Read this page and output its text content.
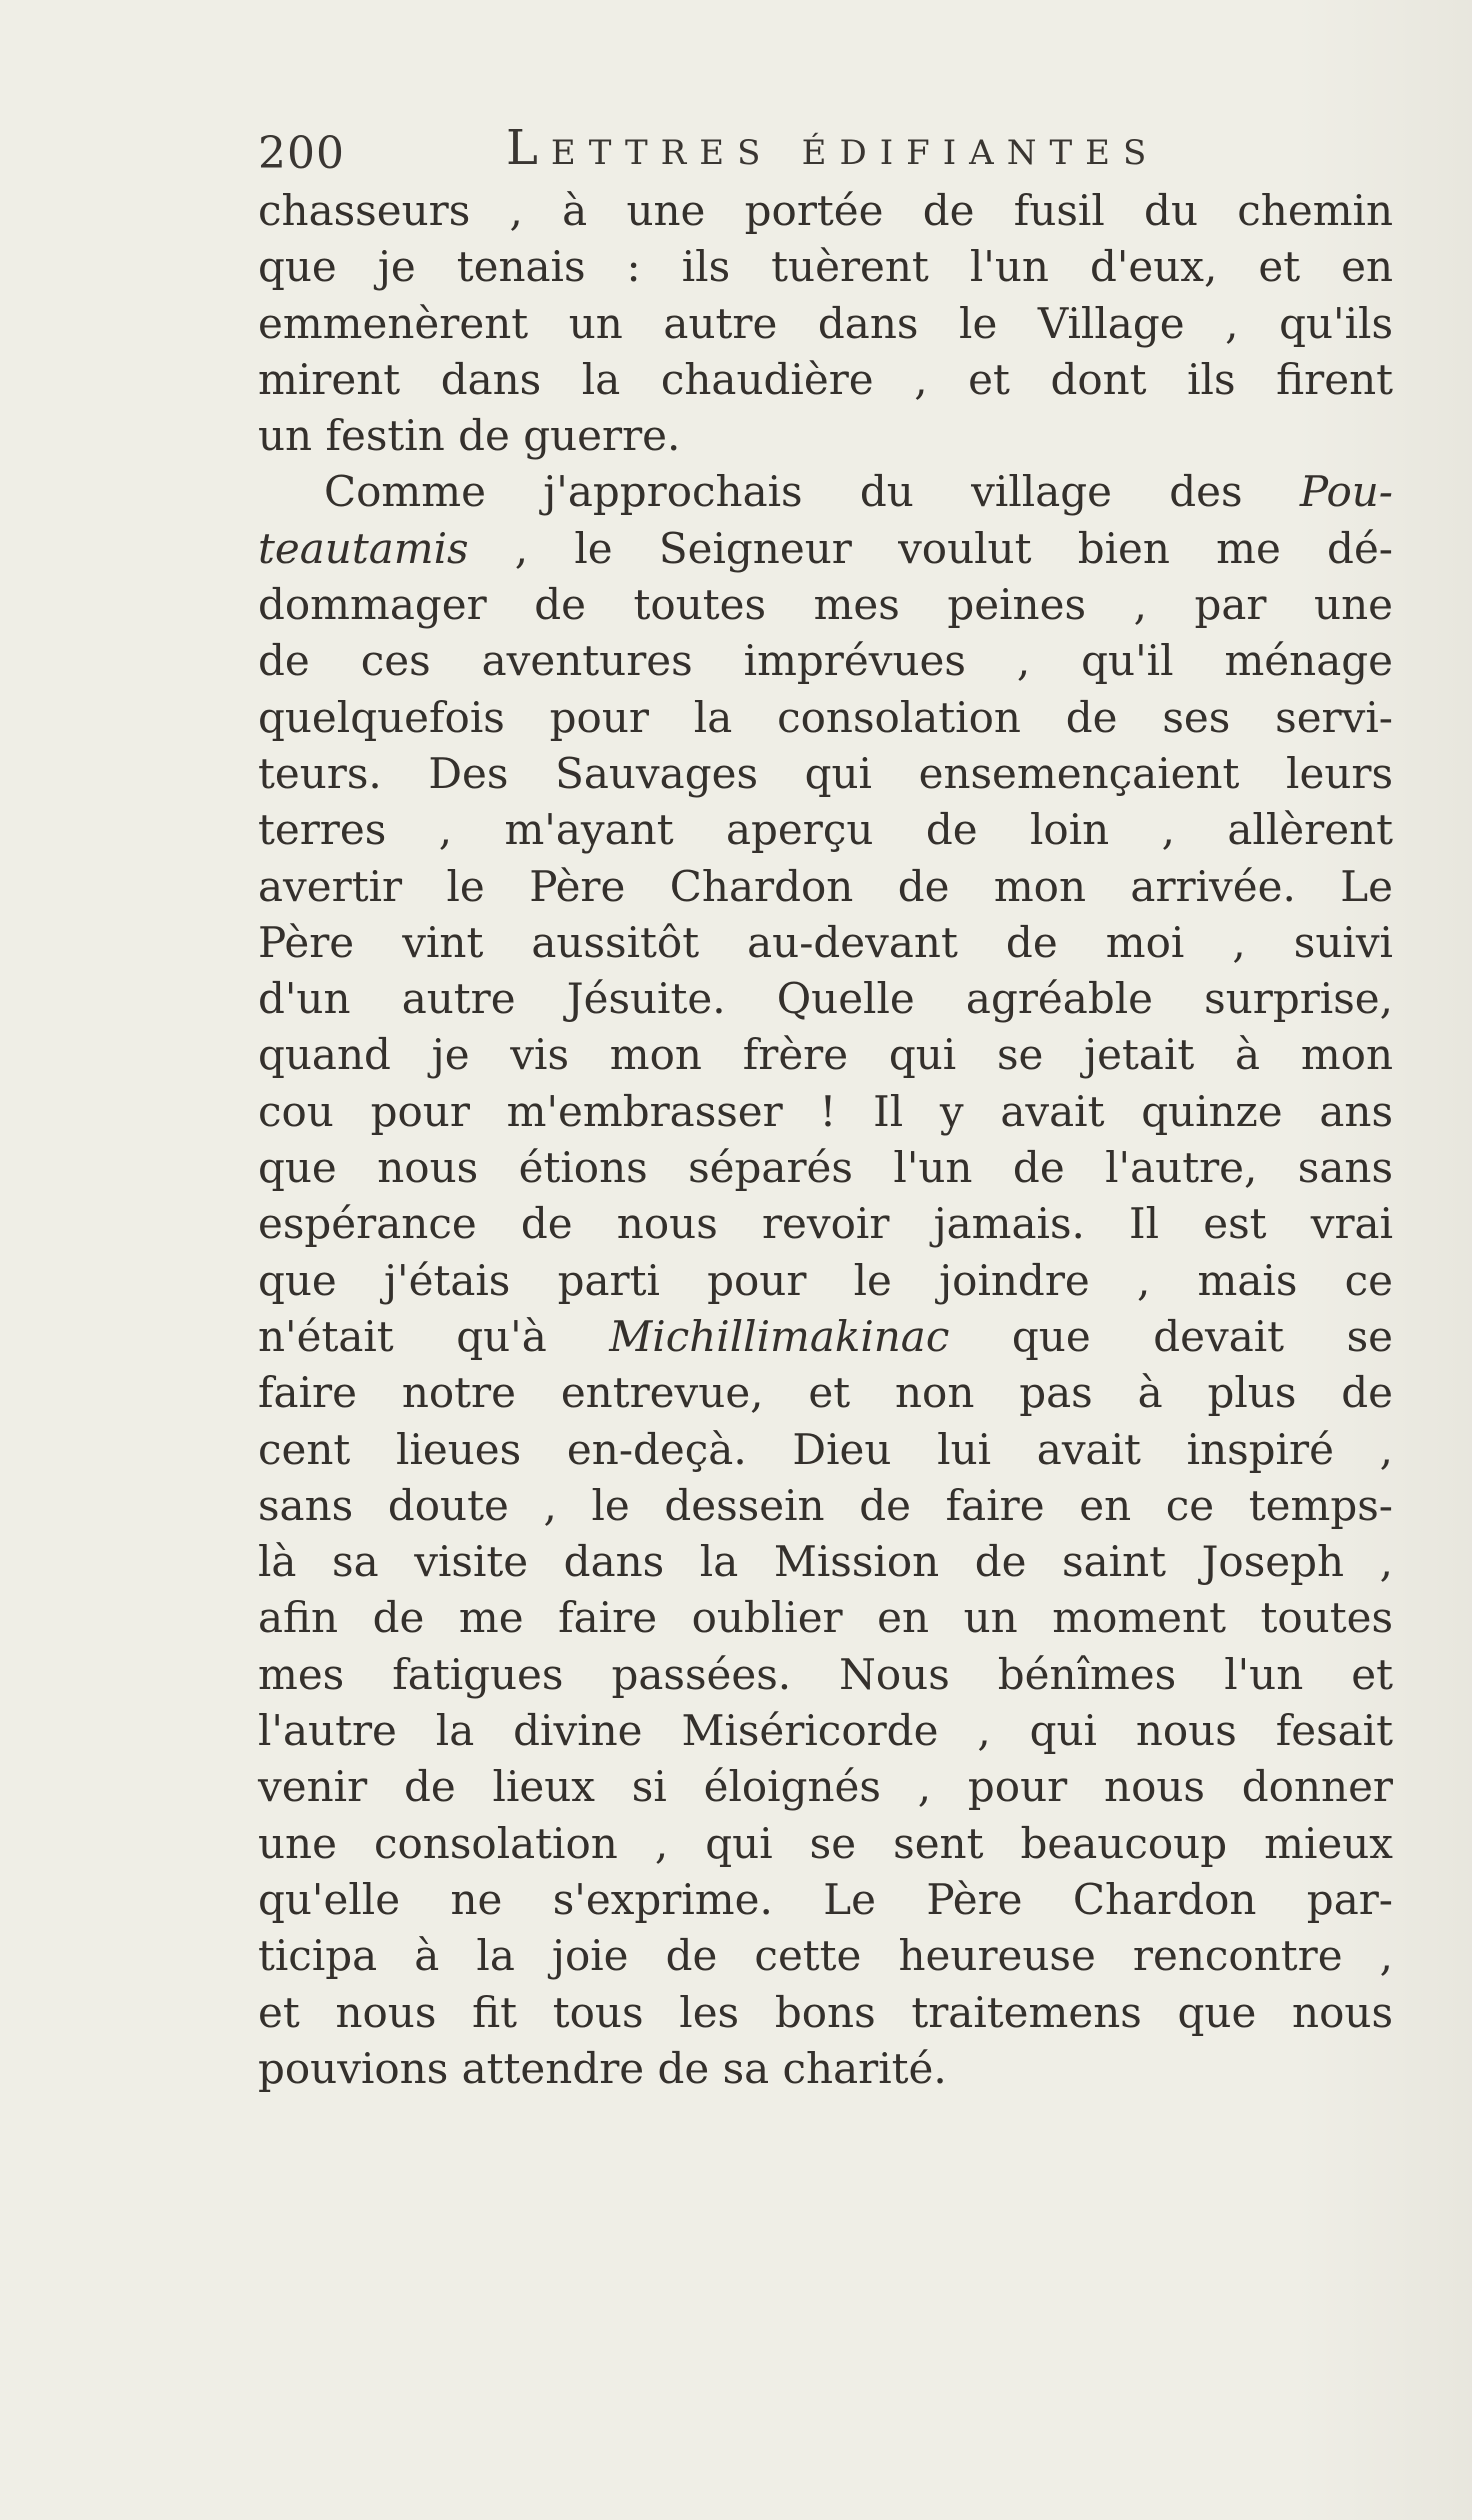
200	Lettres édifiantes
chasseurs , à une portée de fusil du chemin
que je tenais : ils tuèrent l'un d'eux, et en
emmenèrent un autre dans le Village , qu'ils
mirent dans la chaudière , et dont ils firent
un festin de guerre.
Comme j'approchais du village des Pou-
teautamis , le Seigneur voulut bien me dé-
dommager de toutes mes peines , par une
de ces aventures imprévues , qu'il ménage
quelquefois pour la consolation de ses servi-
teurs. Des Sauvages qui ensemençaient leurs
terres , m'ayant aperçu de loin , allèrent
avertir le Père Chardon de mon arrivée. Le
Père vint aussitôt au-devant de moi , suivi
d'un autre Jésuite. Quelle agréable surprise,
quand je vis mon frère qui se jetait à mon
cou pour m'embrasser ! Il y avait quinze ans
que nous étions séparés l'un de l'autre, sans
espérance de nous revoir jamais. Il est vrai
que j'étais parti pour le joindre , mais ce
n'était qu'à Michillimakinac que devait se
faire notre entrevue, et non pas à plus de
cent lieues en-deçà. Dieu lui avait inspiré ,
sans doute , le dessein de faire en ce temps-
là sa visite dans la Mission de saint Joseph ,
afin de me faire oublier en un moment toutes
mes fatigues passées. Nous bénîmes l'un et
l'autre la divine Miséricorde , qui nous fesait
venir de lieux si éloignés , pour nous donner
une consolation , qui se sent beaucoup mieux
qu'elle ne s'exprime. Le Père Chardon par-
ticipa à la joie de cette heureuse rencontre ,
et nous fit tous les bons traitemens que nous
pouvions attendre de sa charité.
